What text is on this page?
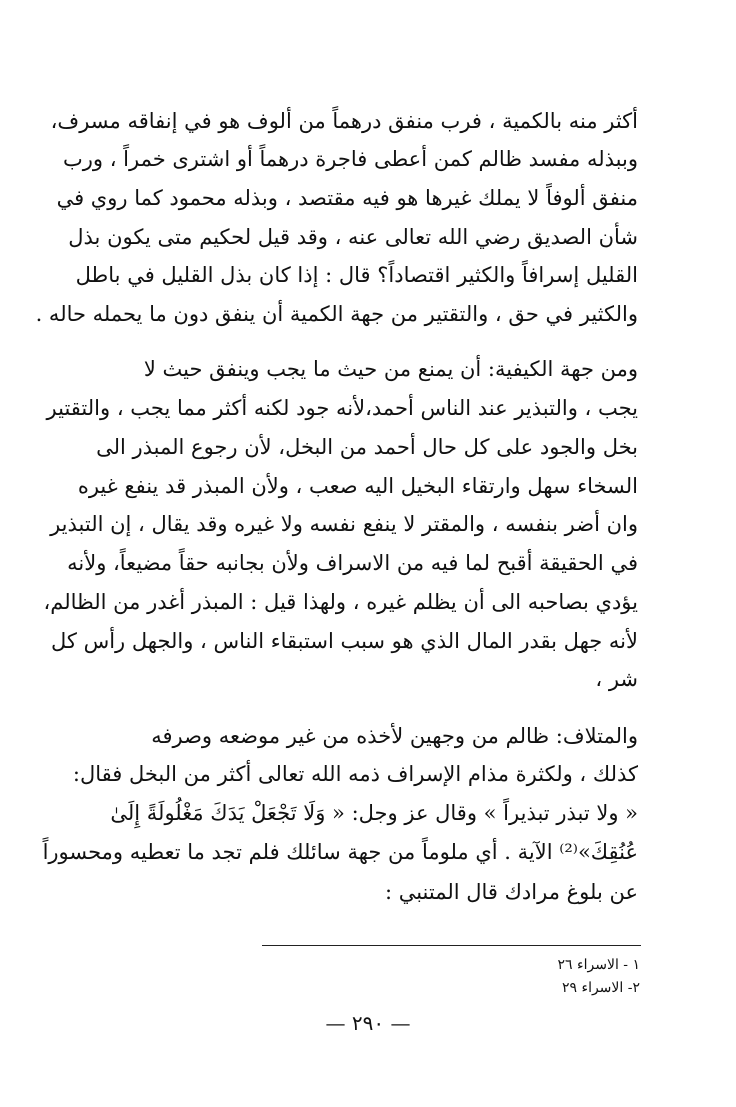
أكثر منه بالكمية ، فرب منفق درهماً من ألوف هو في إنفاقه مسرف،
وببذله مفسد ظالم كمن أعطى فاجرة درهماً أو اشترى خمراً ، ورب
منفق ألوفاً لا يملك غيرها هو فيه مقتصد ، وبذله محمود كما روي في
شأن الصديق رضي الله تعالى عنه ، وقد قيل لحكيم متى يكون بذل
القليل إسرافاً والكثير اقتصاداً؟ قال : إذا كان بذل القليل في باطل
والكثير في حق ، والتقتير من جهة الكمية أن ينفق دون ما يحمله حاله .
ومن جهة الكيفية: أن يمنع من حيث ما يجب وينفق حيث لا
يجب ، والتبذير عند الناس أحمد،لأنه جود لكنه أكثر مما يجب ، والتقتير
بخل والجود على كل حال أحمد من البخل، لأن رجوع المبذر الى
السخاء سهل وارتقاء البخيل اليه صعب ، ولأن المبذر قد ينفع غيره
وان أضر بنفسه ، والمقتر لا ينفع نفسه ولا غيره وقد يقال ، إن التبذير
في الحقيقة أقبح لما فيه من الاسراف ولأن بجانبه حقاً مضيعاً، ولأنه
يؤدي بصاحبه الى أن يظلم غيره ، ولهذا قيل : المبذر أغدر من الظالم،
لأنه جهل بقدر المال الذي هو سبب استبقاء الناس ، والجهل رأس كل
شر ،
والمتلاف: ظالم من وجهين لأخذه من غير موضعه وصرفه
كذلك ، ولكثرة مذام الإسراف ذمه الله تعالى أكثر من البخل فقال:
« ولا تبذر تبذيراً » وقال عز وجل: « وَلَا تَجْعَلْ يَدَكَ مَغْلُولَةً إِلَىٰ
عُنُقِكَ»⁽²⁾ الآية . أي ملوماً من جهة سائلك فلم تجد ما تعطيه ومحسوراً
عن بلوغ مرادك قال المتنبي :
١ - الاسراء ٢٦
٢- الاسراء ٢٩
— ٢٩٠ —
